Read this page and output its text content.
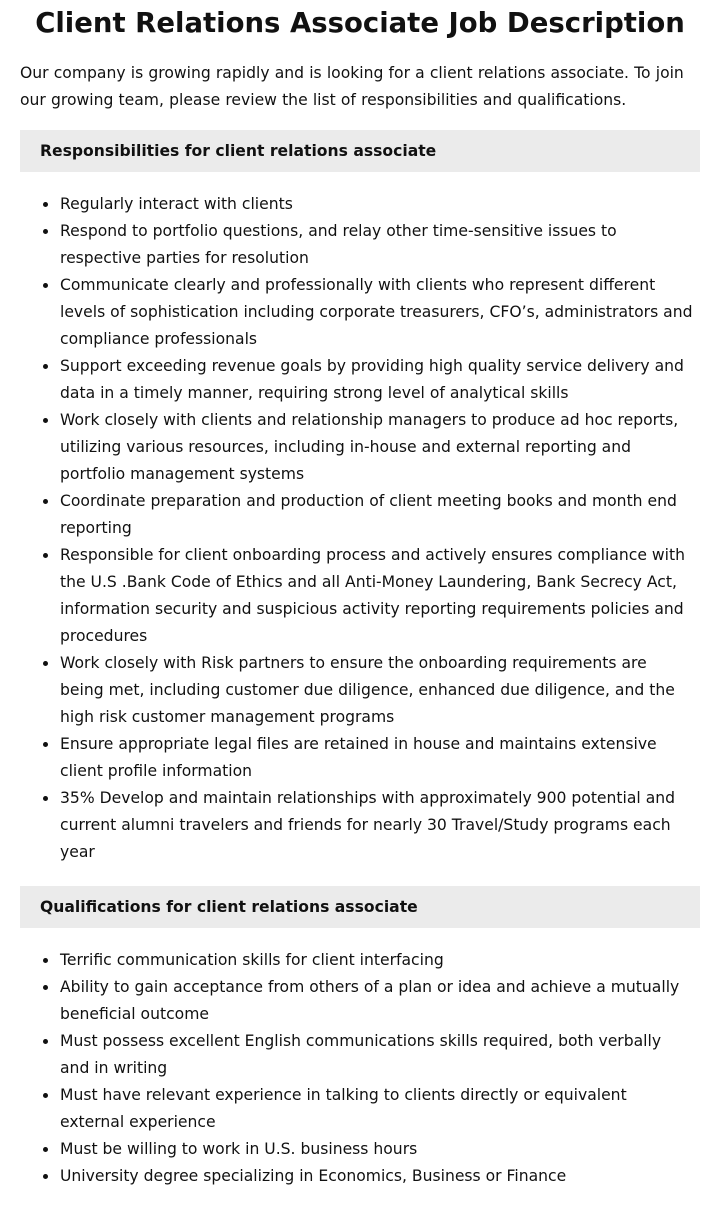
Client Relations Associate Job Description

Our company is growing rapidly and is looking for a client relations associate. To join our growing team, please review the list of responsibilities and qualifications.

Responsibilities for client relations associate
Regularly interact with clients
Respond to portfolio questions, and relay other time-sensitive issues to respective parties for resolution
Communicate clearly and professionally with clients who represent different levels of sophistication including corporate treasurers, CFO’s, administrators and compliance professionals
Support exceeding revenue goals by providing high quality service delivery and data in a timely manner, requiring strong level of analytical skills
Work closely with clients and relationship managers to produce ad hoc reports, utilizing various resources, including in-house and external reporting and portfolio management systems
Coordinate preparation and production of client meeting books and month end reporting
Responsible for client onboarding process and actively ensures compliance with the U.S .Bank Code of Ethics and all Anti-Money Laundering, Bank Secrecy Act, information security and suspicious activity reporting requirements policies and procedures
Work closely with Risk partners to ensure the onboarding requirements are being met, including customer due diligence, enhanced due diligence, and the high risk customer management programs
Ensure appropriate legal files are retained in house and maintains extensive client profile information
35% Develop and maintain relationships with approximately 900 potential and current alumni travelers and friends for nearly 30 Travel/Study programs each year
Qualifications for client relations associate
Terrific communication skills for client interfacing
Ability to gain acceptance from others of a plan or idea and achieve a mutually beneficial outcome
Must possess excellent English communications skills required, both verbally and in writing
Must have relevant experience in talking to clients directly or equivalent external experience
Must be willing to work in U.S. business hours
University degree specializing in Economics, Business or Finance
